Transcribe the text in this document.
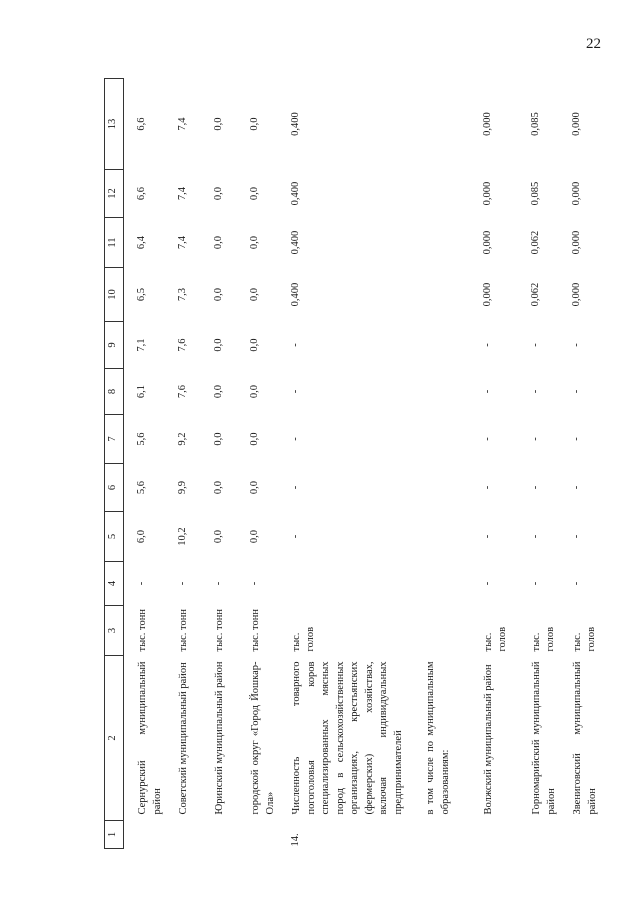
22
1	2	3	4	5	6	7	8	9	10	11	12	13
	Сернурский муниципальный район	тыс. тонн	-	6,0	5,6	5,6	6,1	7,1	6,5	6,4	6,6	6,6
	Советский муниципальный район	тыс. тонн	-	10,2	9,9	9,2	7,6	7,6	7,3	7,4	7,4	7,4
	Юринский муниципальный район	тыс. тонн	-	0,0	0,0	0,0	0,0	0,0	0,0	0,0	0,0	0,0
	городской округ «Город Йошкар-Ола»	тыс. тонн	-	0,0	0,0	0,0	0,0	0,0	0,0	0,0	0,0	0,0
14.	Численность товарного погоголовья коров специализированных мясных пород в сельскохозяйственных организациях, крестьянских (фермерских) хозяйствах, включая индивидуальных предпринимателей	тыс. голов		-	-	-	-	-	0,400	0,400	0,400	0,400
	в том числе по муниципальным образованиям:											
	Волжский муниципальный район	тыс. голов	-	-	-	-	-	-	0,000	0,000	0,000	0,000
	Горномарийский муниципальный район	тыс. голов	-	-	-	-	-	-	0,062	0,062	0,085	0,085
	Звениговский муниципальный район	тыс. голов	-	-	-	-	-	-	0,000	0,000	0,000	0,000
